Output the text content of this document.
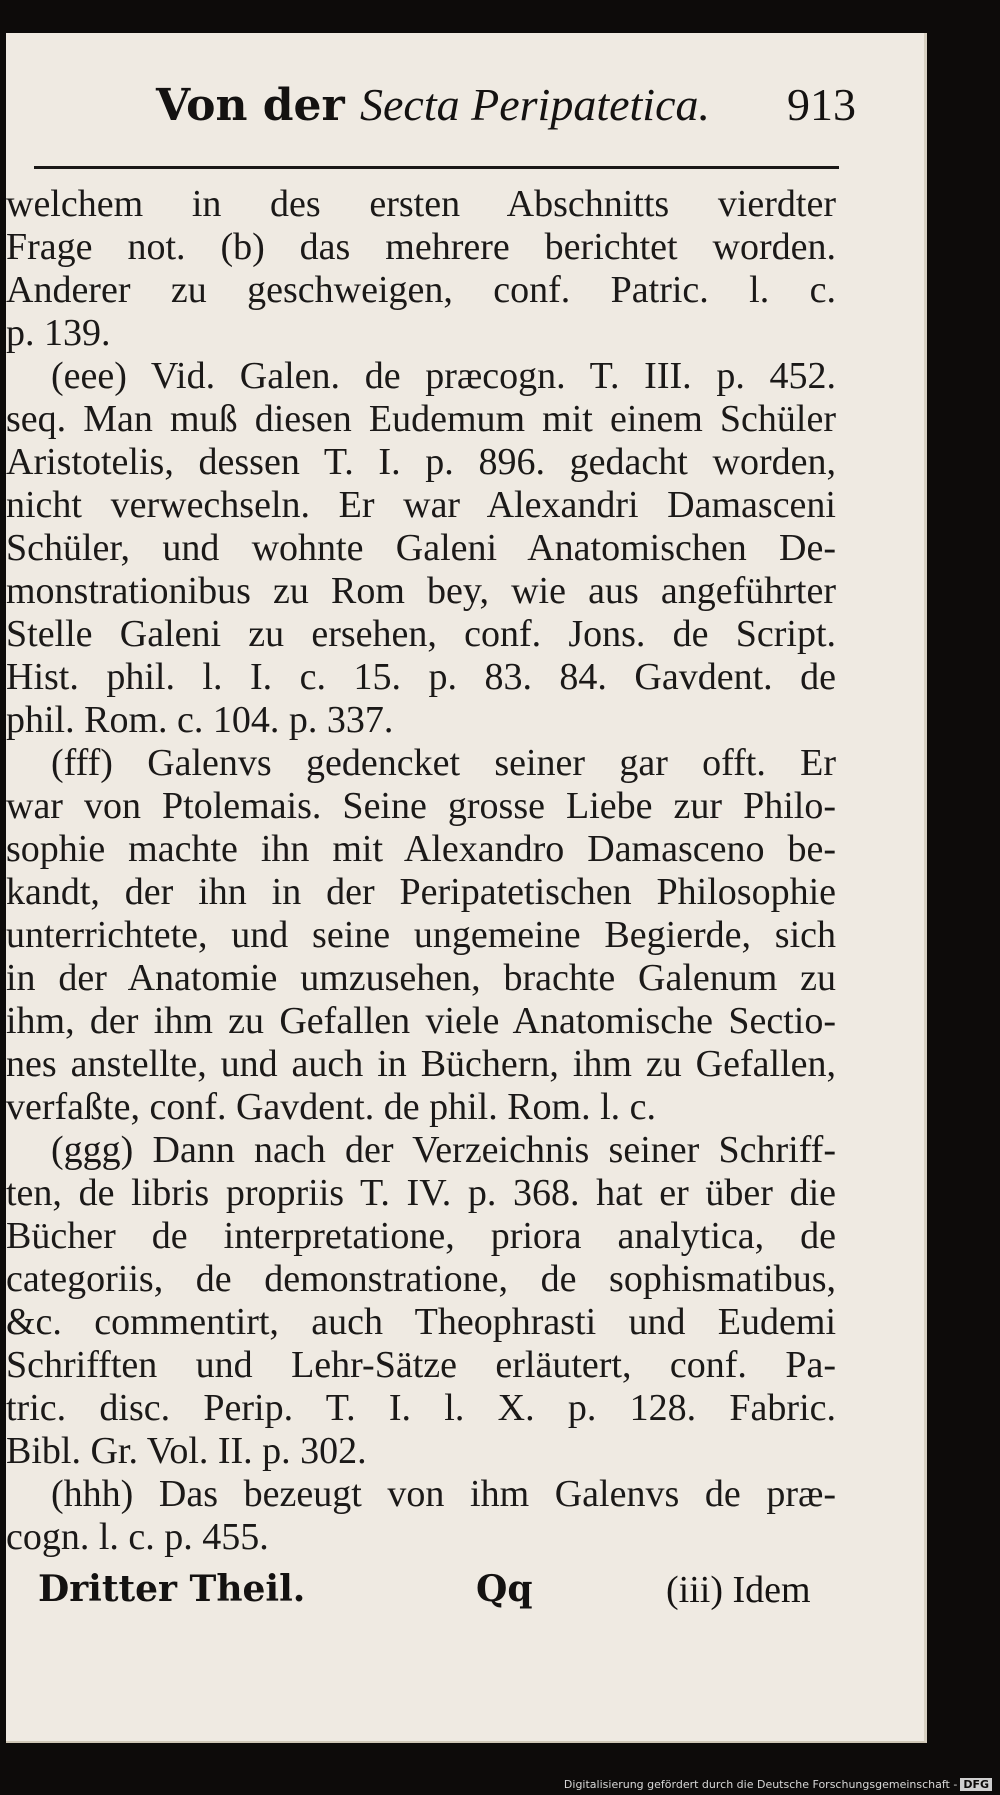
Von der Secta Peripatetica. 913
welchem in des ersten Abschnitts vierdter
Frage not. (b) das mehrere berichtet worden.
Anderer zu geschweigen, conf. Patric. l. c.
p. 139.
(eee) Vid. Galen. de præcogn. T. III. p. 452.
seq. Man muß diesen Eudemum mit einem Schüler
Aristotelis, dessen T. I. p. 896. gedacht worden,
nicht verwechseln. Er war Alexandri Damasceni
Schüler, und wohnte Galeni Anatomischen De-
monstrationibus zu Rom bey, wie aus angeführter
Stelle Galeni zu ersehen, conf. Jons. de Script.
Hist. phil. l. I. c. 15. p. 83. 84. Gavdent. de
phil. Rom. c. 104. p. 337.
(fff) Galenvs gedencket seiner gar offt. Er
war von Ptolemais. Seine grosse Liebe zur Philo-
sophie machte ihn mit Alexandro Damasceno be-
kandt, der ihn in der Peripatetischen Philosophie
unterrichtete, und seine ungemeine Begierde, sich
in der Anatomie umzusehen, brachte Galenum zu
ihm, der ihm zu Gefallen viele Anatomische Sectio-
nes anstellte, und auch in Büchern, ihm zu Gefallen,
verfaßte, conf. Gavdent. de phil. Rom. l. c.
(ggg) Dann nach der Verzeichnis seiner Schriff-
ten, de libris propriis T. IV. p. 368. hat er über die
Bücher de interpretatione, priora analytica, de
categoriis, de demonstratione, de sophismatibus,
&c. commentirt, auch Theophrasti und Eudemi
Schrifften und Lehr-Sätze erläutert, conf. Pa-
tric. disc. Perip. T. I. l. X. p. 128. Fabric.
Bibl. Gr. Vol. II. p. 302.
(hhh) Das bezeugt von ihm Galenvs de præ-
cogn. l. c. p. 455.
Dritter Theil.	Qq	(iii) Idem
Digitalisierung gefördert durch die Deutsche Forschungsgemeinschaft - DFG
